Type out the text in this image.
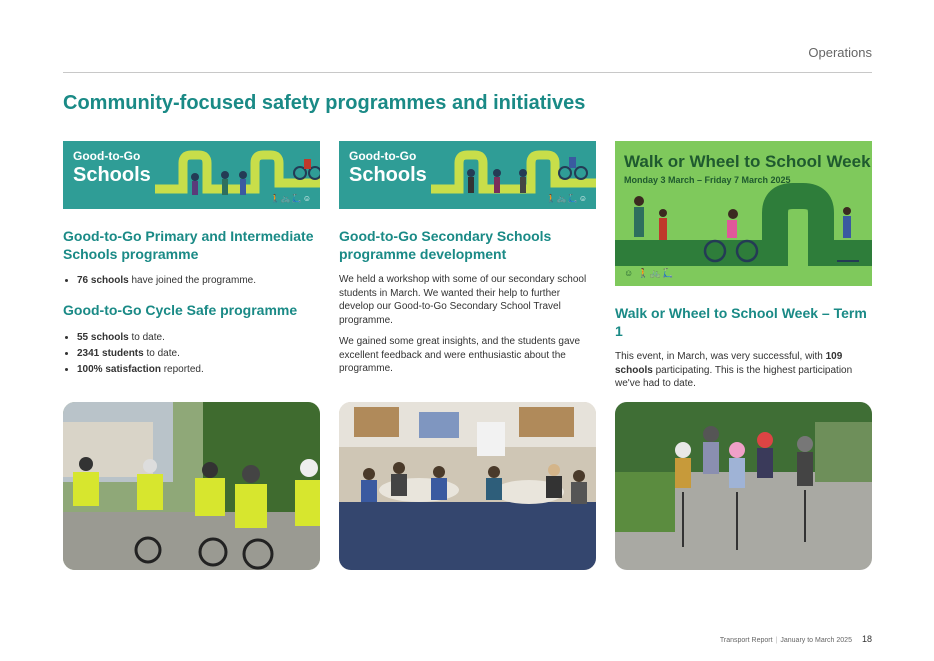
Operations
Community-focused safety programmes and initiatives
Good-to-Go
Schools
🚶🚲🛴☺
Good-to-Go Primary and Intermediate Schools programme
• 76 schools have joined the programme.
Good-to-Go Cycle Safe programme
• 55 schools to date.
• 2341 students to date.
• 100% satisfaction reported.
Good-to-Go
Schools
🚶🚲🛴☺
Good-to-Go Secondary Schools programme development

We held a workshop with some of our secondary school students in March. We wanted their help to further develop our Good-to-Go Secondary School Travel programme.

We gained some great insights, and the students gave excellent feedback and were enthusiastic about the programme.

Walk or Wheel to School Week
Monday 3 March – Friday 7 March 2025
☺ 🚶🚲🛴
Walk or Wheel to School Week – Term 1

This event, in March, was very successful, with 109 schools participating. This is the highest participation we've had to date.

Transport Report | January to March 2025 18
